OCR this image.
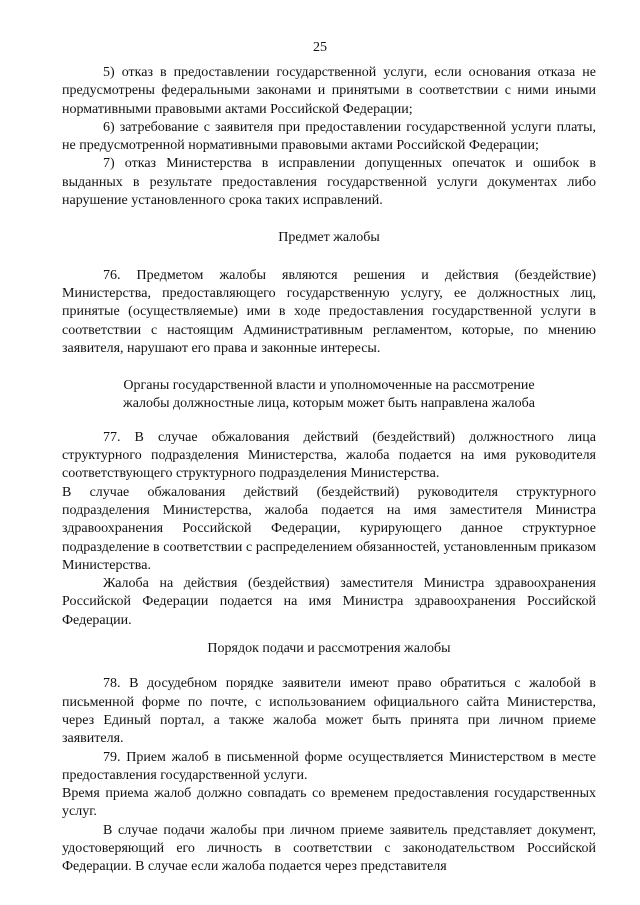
25

5) отказ в предоставлении государственной услуги, если основания отказа не предусмотрены федеральными законами и принятыми в соответствии с ними иными нормативными правовыми актами Российской Федерации;

6) затребование с заявителя при предоставлении государственной услуги платы, не предусмотренной нормативными правовыми актами Российской Федерации;

7) отказ Министерства в исправлении допущенных опечаток и ошибок в выданных в результате предоставления государственной услуги документах либо нарушение установленного срока таких исправлений.

Предмет жалобы

76. Предметом жалобы являются решения и действия (бездействие) Министерства, предоставляющего государственную услугу, ее должностных лиц, принятые (осуществляемые) ими в ходе предоставления государственной услуги в соответствии с настоящим Административным регламентом, которые, по мнению заявителя, нарушают его права и законные интересы.

Органы государственной власти и уполномоченные на рассмотрение жалобы должностные лица, которым может быть направлена жалоба

77. В случае обжалования действий (бездействий) должностного лица структурного подразделения Министерства, жалоба подается на имя руководителя соответствующего структурного подразделения Министерства.

В случае обжалования действий (бездействий) руководителя структурного подразделения Министерства, жалоба подается на имя заместителя Министра здравоохранения Российской Федерации, курирующего данное структурное подразделение в соответствии с распределением обязанностей, установленным приказом Министерства.

Жалоба на действия (бездействия) заместителя Министра здравоохранения Российской Федерации подается на имя Министра здравоохранения Российской Федерации.

Порядок подачи и рассмотрения жалобы

78. В досудебном порядке заявители имеют право обратиться с жалобой в письменной форме по почте, с использованием официального сайта Министерства, через Единый портал, а также жалоба может быть принята при личном приеме заявителя.

79. Прием жалоб в письменной форме осуществляется Министерством в месте предоставления государственной услуги.

Время приема жалоб должно совпадать со временем предоставления государственных услуг.

В случае подачи жалобы при личном приеме заявитель представляет документ, удостоверяющий его личность в соответствии с законодательством Российской Федерации. В случае если жалоба подается через представителя
